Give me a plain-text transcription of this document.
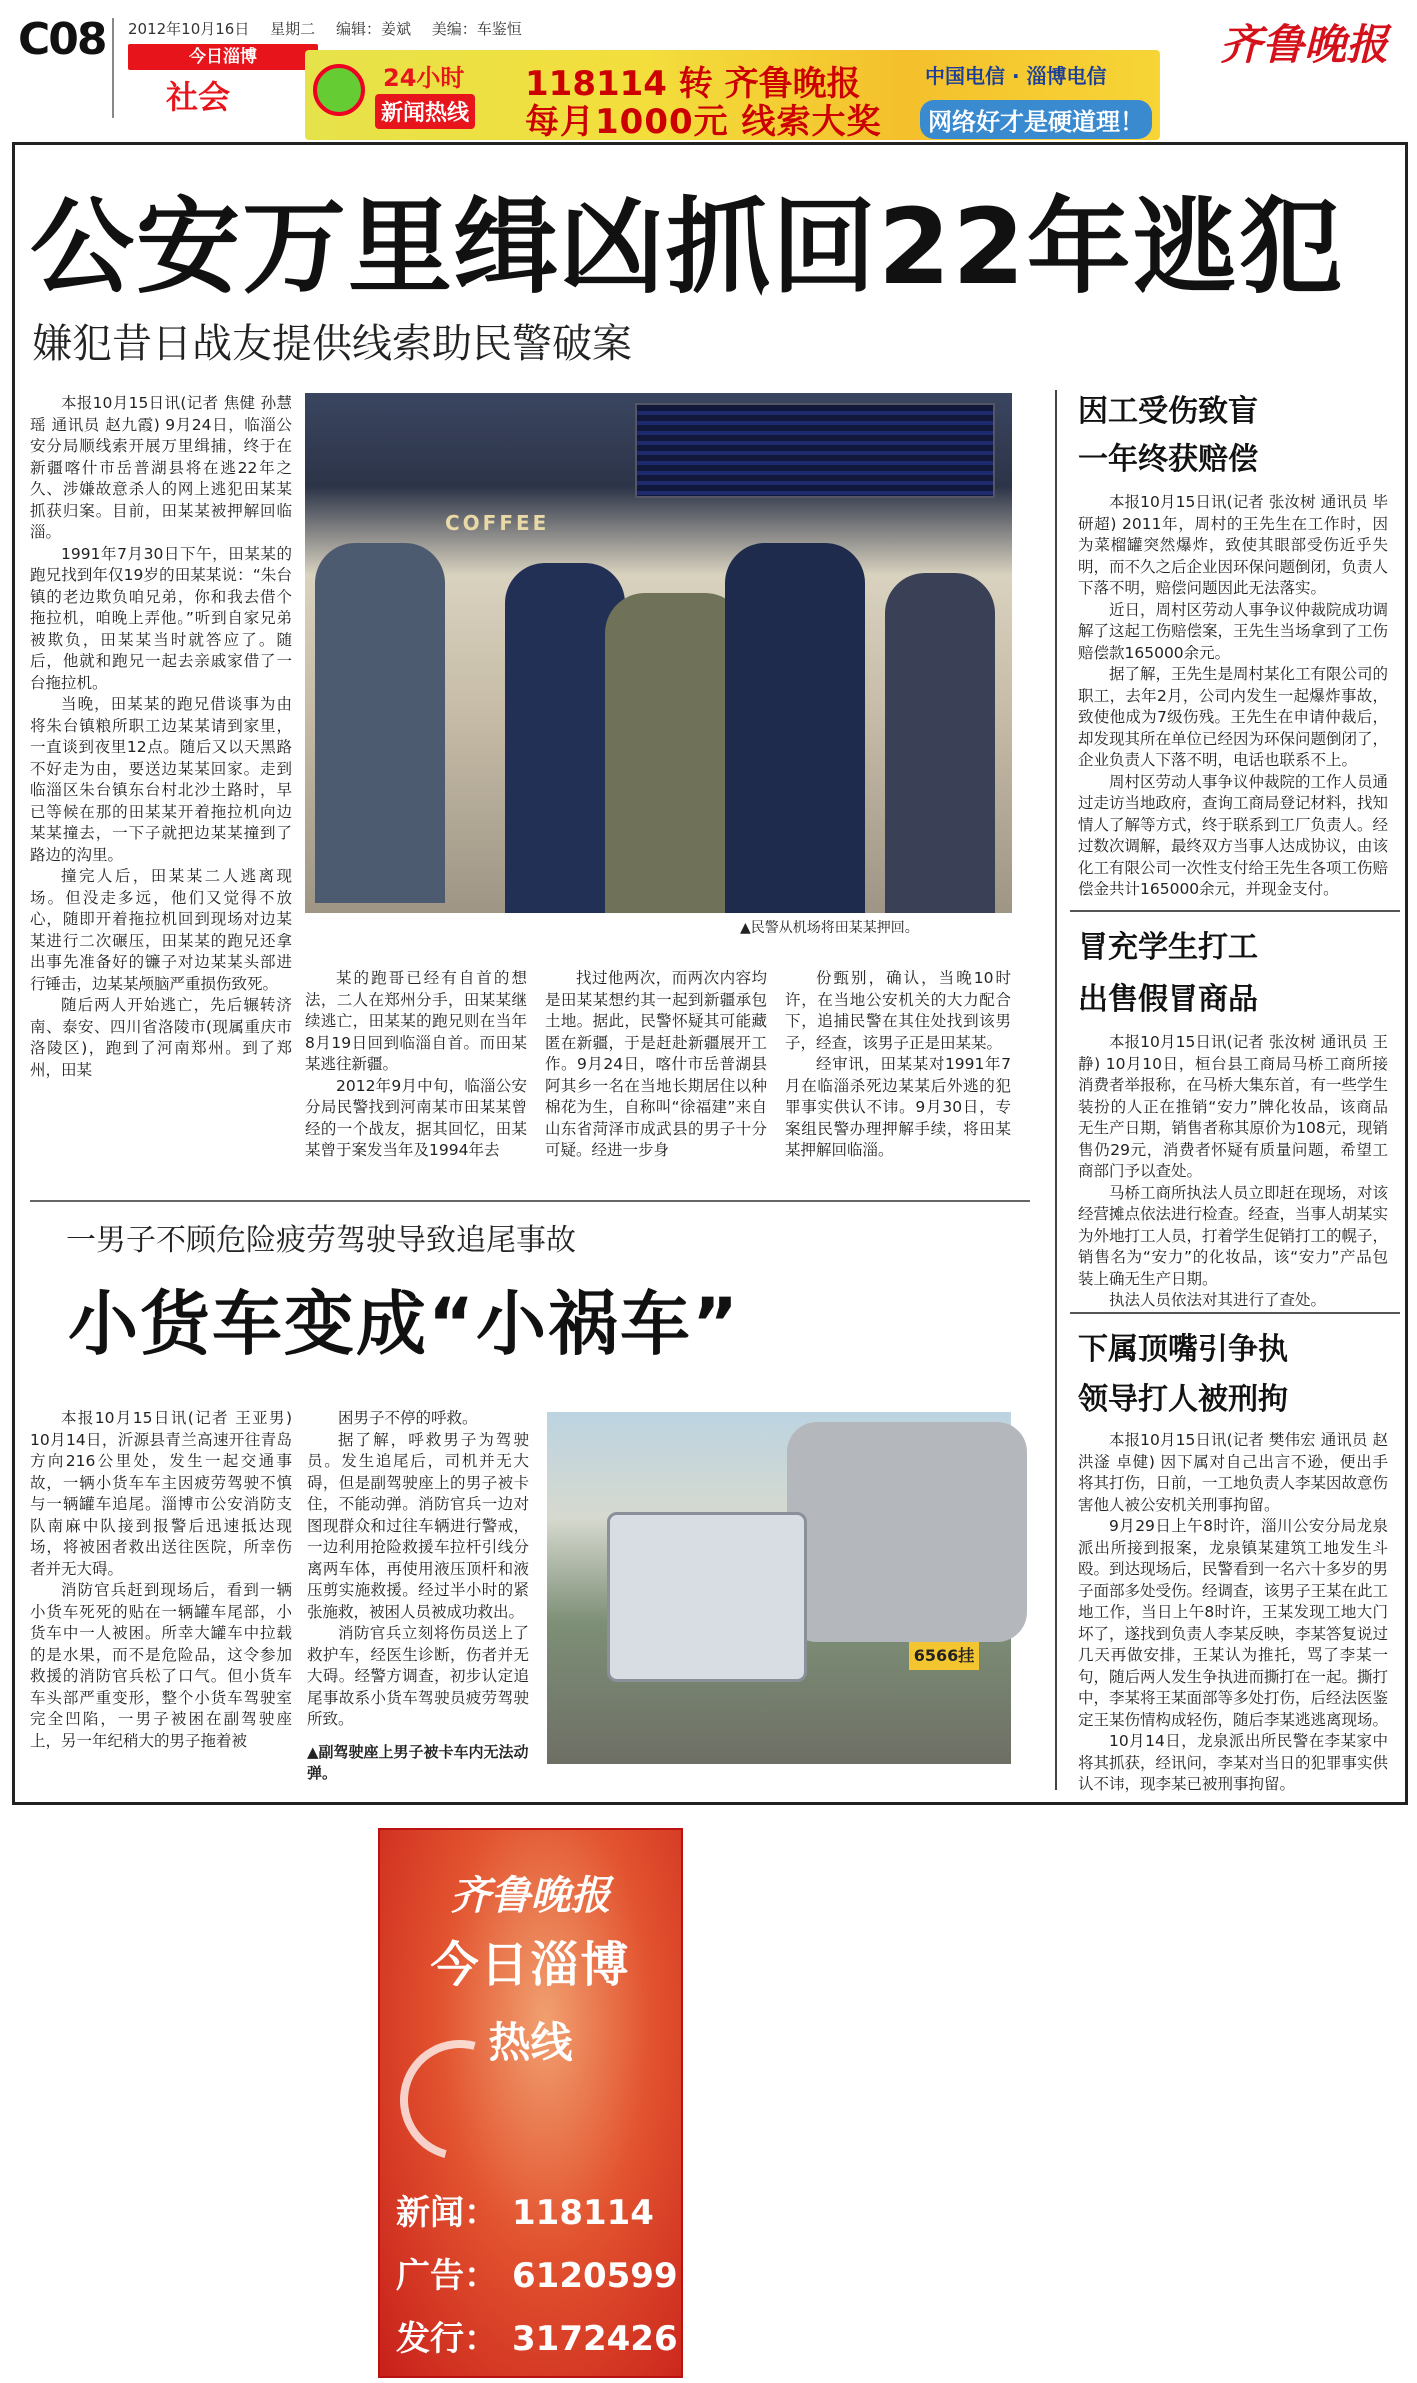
C08 2012年10月16日 星期二 编辑：姜斌 美编：车鉴恒
今日淄博
社会	24小时
新闻热线
118114 转 齐鲁晚报
每月1000元 线索大奖
中国电信 · 淄博电信
网络好才是硬道理！
齐鲁晚报
公安万里缉凶抓回22年逃犯
嫌犯昔日战友提供线索助民警破案

本报10月15日讯(记者 焦健 孙慧瑶 通讯员 赵九霞) 9月24日，临淄公安分局顺线索开展万里缉捕，终于在新疆喀什市岳普湖县将在逃22年之久、涉嫌故意杀人的网上逃犯田某某抓获归案。目前，田某某被押解回临淄。

1991年7月30日下午，田某某的跑兄找到年仅19岁的田某某说：“朱台镇的老边欺负咱兄弟，你和我去借个拖拉机，咱晚上弄他。”听到自家兄弟被欺负，田某某当时就答应了。随后，他就和跑兄一起去亲戚家借了一台拖拉机。

当晚，田某某的跑兄借谈事为由将朱台镇粮所职工边某某请到家里，一直谈到夜里12点。随后又以天黑路不好走为由，要送边某某回家。走到临淄区朱台镇东台村北沙土路时，早已等候在那的田某某开着拖拉机向边某某撞去，一下子就把边某某撞到了路边的沟里。

撞完人后，田某某二人逃离现场。但没走多远，他们又觉得不放心，随即开着拖拉机回到现场对边某某进行二次碾压，田某某的跑兄还拿出事先准备好的镰子对边某某头部进行锤击，边某某颅脑严重损伤致死。

随后两人开始逃亡，先后辗转济南、泰安、四川省洛陵市(现属重庆市洛陵区)，跑到了河南郑州。到了郑州，田某

COFFEE
▲民警从机场将田某某押回。

某的跑哥已经有自首的想法，二人在郑州分手，田某某继续逃亡，田某某的跑兄则在当年8月19日回到临淄自首。而田某某逃往新疆。

2012年9月中旬，临淄公安分局民警找到河南某市田某某曾经的一个战友，据其回忆，田某某曾于案发当年及1994年去

找过他两次，而两次内容均是田某某想约其一起到新疆承包土地。据此，民警怀疑其可能藏匿在新疆，于是赶赴新疆展开工作。9月24日，喀什市岳普湖县阿其乡一名在当地长期居住以种棉花为生，自称叫“徐福建”来自山东省菏泽市成武县的男子十分可疑。经进一步身

份甄别，确认，当晚10时许，在当地公安机关的大力配合下，追捕民警在其住处找到该男子，经查，该男子正是田某某。

经审讯，田某某对1991年7月在临淄杀死边某某后外逃的犯罪事实供认不讳。9月30日，专案组民警办理押解手续，将田某某押解回临淄。

因工受伤致盲
一年终获赔偿

本报10月15日讯(记者 张汝树 通讯员 毕研超) 2011年，周村的王先生在工作时，因为菜榴罐突然爆炸，致使其眼部受伤近乎失明，而不久之后企业因环保问题倒闭，负责人下落不明，赔偿问题因此无法落实。

近日，周村区劳动人事争议仲裁院成功调解了这起工伤赔偿案，王先生当场拿到了工伤赔偿款165000余元。

据了解，王先生是周村某化工有限公司的职工，去年2月，公司内发生一起爆炸事故，致使他成为7级伤残。王先生在申请仲裁后，却发现其所在单位已经因为环保问题倒闭了，企业负责人下落不明，电话也联系不上。

周村区劳动人事争议仲裁院的工作人员通过走访当地政府，查询工商局登记材料，找知情人了解等方式，终于联系到工厂负责人。经过数次调解，最终双方当事人达成协议，由该化工有限公司一次性支付给王先生各项工伤赔偿金共计165000余元，并现金支付。

冒充学生打工
出售假冒商品

本报10月15日讯(记者 张汝树 通讯员 王静) 10月10日，桓台县工商局马桥工商所接消费者举报称，在马桥大集东首，有一些学生装扮的人正在推销“安力”牌化妆品，该商品无生产日期，销售者称其原价为108元，现销售仍29元，消费者怀疑有质量问题，希望工商部门予以查处。

马桥工商所执法人员立即赶在现场，对该经营摊点依法进行检查。经查，当事人胡某实为外地打工人员，打着学生促销打工的幌子，销售名为“安力”的化妆品，该“安力”产品包装上确无生产日期。

执法人员依法对其进行了查处。

下属顶嘴引争执
领导打人被刑拘

本报10月15日讯(记者 樊伟宏 通讯员 赵洪滏 卓健) 因下属对自己出言不逊，便出手将其打伤，日前，一工地负责人李某因故意伤害他人被公安机关刑事拘留。

9月29日上午8时许，淄川公安分局龙泉派出所接到报案，龙泉镇某建筑工地发生斗殴。到达现场后，民警看到一名六十多岁的男子面部多处受伤。经调查，该男子王某在此工地工作，当日上午8时许，王某发现工地大门坏了，遂找到负责人李某反映，李某答复说过几天再做安排，王某认为推托，骂了李某一句，随后两人发生争执进而撕打在一起。撕打中，李某将王某面部等多处打伤，后经法医鉴定王某伤情构成轻伤，随后李某逃逃离现场。

10月14日，龙泉派出所民警在李某家中将其抓获，经讯问，李某对当日的犯罪事实供认不讳，现李某已被刑事拘留。

一男子不顾危险疲劳驾驶导致追尾事故
小货车变成“小祸车”

本报10月15日讯(记者 王亚男) 10月14日，沂源县青兰高速开往青岛方向216公里处，发生一起交通事故，一辆小货车车主因疲劳驾驶不慎与一辆罐车追尾。淄博市公安消防支队南麻中队接到报警后迅速抵达现场，将被困者救出送往医院，所幸伤者并无大碍。

消防官兵赶到现场后，看到一辆小货车死死的贴在一辆罐车尾部，小货车中一人被困。所幸大罐车中拉载的是水果，而不是危险品，这令参加救援的消防官兵松了口气。但小货车车头部严重变形，整个小货车驾驶室完全凹陷，一男子被困在副驾驶座上，另一年纪稍大的男子拖着被

困男子不停的呼救。

据了解，呼救男子为驾驶员。发生追尾后，司机并无大碍，但是副驾驶座上的男子被卡住，不能动弹。消防官兵一边对图现群众和过往车辆进行警戒，一边利用抢险救援车拉杆引线分离两车体，再使用液压顶杆和液压剪实施救援。经过半小时的紧张施救，被困人员被成功救出。

消防官兵立刻将伤员送上了救护车，经医生诊断，伤者并无大碍。经警方调查，初步认定追尾事故系小货车驾驶员疲劳驾驶所致。

▲副驾驶座上男子被卡车内无法动弹。
6566挂
齐鲁晚报
今日淄博
热线
新闻： 118114
广告： 6120599
发行： 3172426
